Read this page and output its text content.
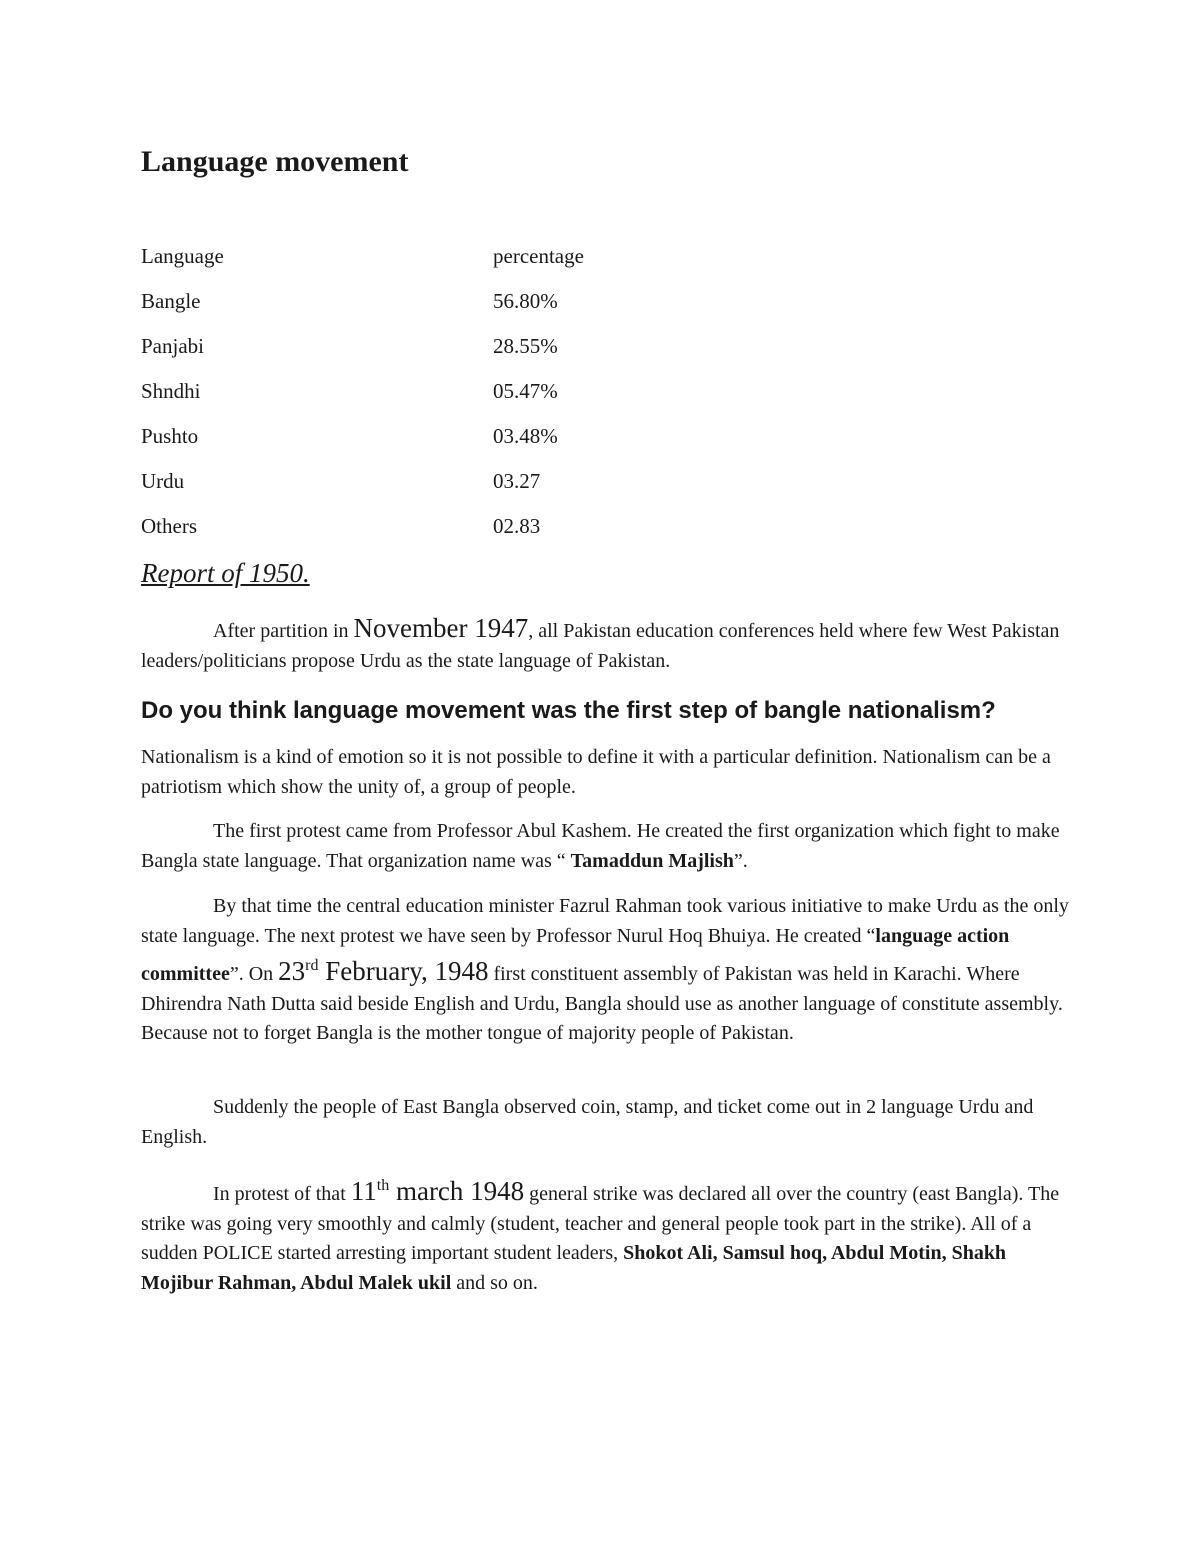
Language movement
Language	percentage
Bangle	56.80%
Panjabi	28.55%
Shndhi	05.47%
Pushto	03.48%
Urdu	03.27
Others	02.83
Report of 1950.

After partition in November 1947, all Pakistan education conferences held where few West Pakistan leaders/politicians propose Urdu as the state language of Pakistan.

Do you think language movement was the first step of bangle nationalism?

Nationalism is a kind of emotion so it is not possible to define it with a particular definition. Nationalism can be a patriotism which show the unity of, a group of people.

The first protest came from Professor Abul Kashem. He created the first organization which fight to make Bangla state language. That organization name was “ Tamaddun Majlish”.

By that time the central education minister Fazrul Rahman took various initiative to make Urdu as the only state language. The next protest we have seen by Professor Nurul Hoq Bhuiya. He created “language action committee”. On 23rd February, 1948 first constituent assembly of Pakistan was held in Karachi. Where Dhirendra Nath Dutta said beside English and Urdu, Bangla should use as another language of constitute assembly. Because not to forget Bangla is the mother tongue of majority people of Pakistan.

Suddenly the people of East Bangla observed coin, stamp, and ticket come out in 2 language Urdu and English.

In protest of that 11th march 1948 general strike was declared all over the country (east Bangla). The strike was going very smoothly and calmly (student, teacher and general people took part in the strike). All of a sudden POLICE started arresting important student leaders, Shokot Ali, Samsul hoq, Abdul Motin, Shakh Mojibur Rahman, Abdul Malek ukil and so on.
